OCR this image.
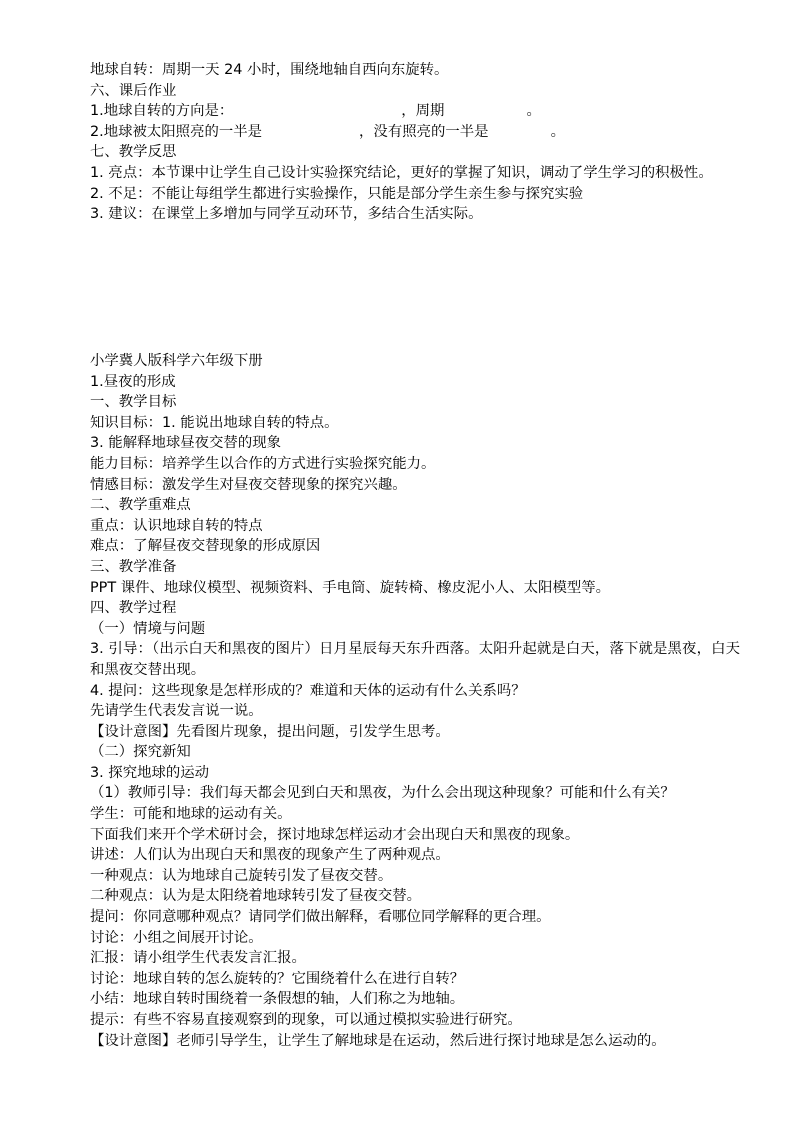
地球自转：周期一天 24 小时，围绕地轴自西向东旋转。
六、课后作业
1.地球自转的方向是：	，周期	。
2.地球被太阳照亮的一半是	，没有照亮的一半是	。
七、教学反思
1. 亮点：本节课中让学生自己设计实验探究结论，更好的掌握了知识，调动了学生学习的积极性。
2. 不足：不能让每组学生都进行实验操作，只能是部分学生亲生参与探究实验
3. 建议：在课堂上多增加与同学互动环节，多结合生活实际。
小学冀人版科学六年级下册
1.昼夜的形成
一、教学目标
知识目标：1. 能说出地球自转的特点。
3. 能解释地球昼夜交替的现象
能力目标：培养学生以合作的方式进行实验探究能力。
情感目标：激发学生对昼夜交替现象的探究兴趣。
二、教学重难点
重点：认识地球自转的特点
难点：了解昼夜交替现象的形成原因
三、教学准备
PPT 课件、地球仪模型、视频资料、手电筒、旋转椅、橡皮泥小人、太阳模型等。
四、教学过程
（一）情境与问题
3. 引导：（出示白天和黑夜的图片）日月星辰每天东升西落。太阳升起就是白天，落下就是黑夜，白天和黑夜交替出现。
4. 提问：这些现象是怎样形成的？难道和天体的运动有什么关系吗？
先请学生代表发言说一说。
【设计意图】先看图片现象，提出问题，引发学生思考。
（二）探究新知
3. 探究地球的运动
（1）教师引导：我们每天都会见到白天和黑夜，为什么会出现这种现象？可能和什么有关？
学生：可能和地球的运动有关。
下面我们来开个学术研讨会，探讨地球怎样运动才会出现白天和黑夜的现象。
讲述：人们认为出现白天和黑夜的现象产生了两种观点。
一种观点：认为地球自己旋转引发了昼夜交替。
二种观点：认为是太阳绕着地球转引发了昼夜交替。
提问：你同意哪种观点？请同学们做出解释，看哪位同学解释的更合理。
讨论：小组之间展开讨论。
汇报：请小组学生代表发言汇报。
讨论：地球自转的怎么旋转的？它围绕着什么在进行自转？
小结：地球自转时围绕着一条假想的轴，人们称之为地轴。
提示：有些不容易直接观察到的现象，可以通过模拟实验进行研究。
【设计意图】老师引导学生，让学生了解地球是在运动，然后进行探讨地球是怎么运动的。
